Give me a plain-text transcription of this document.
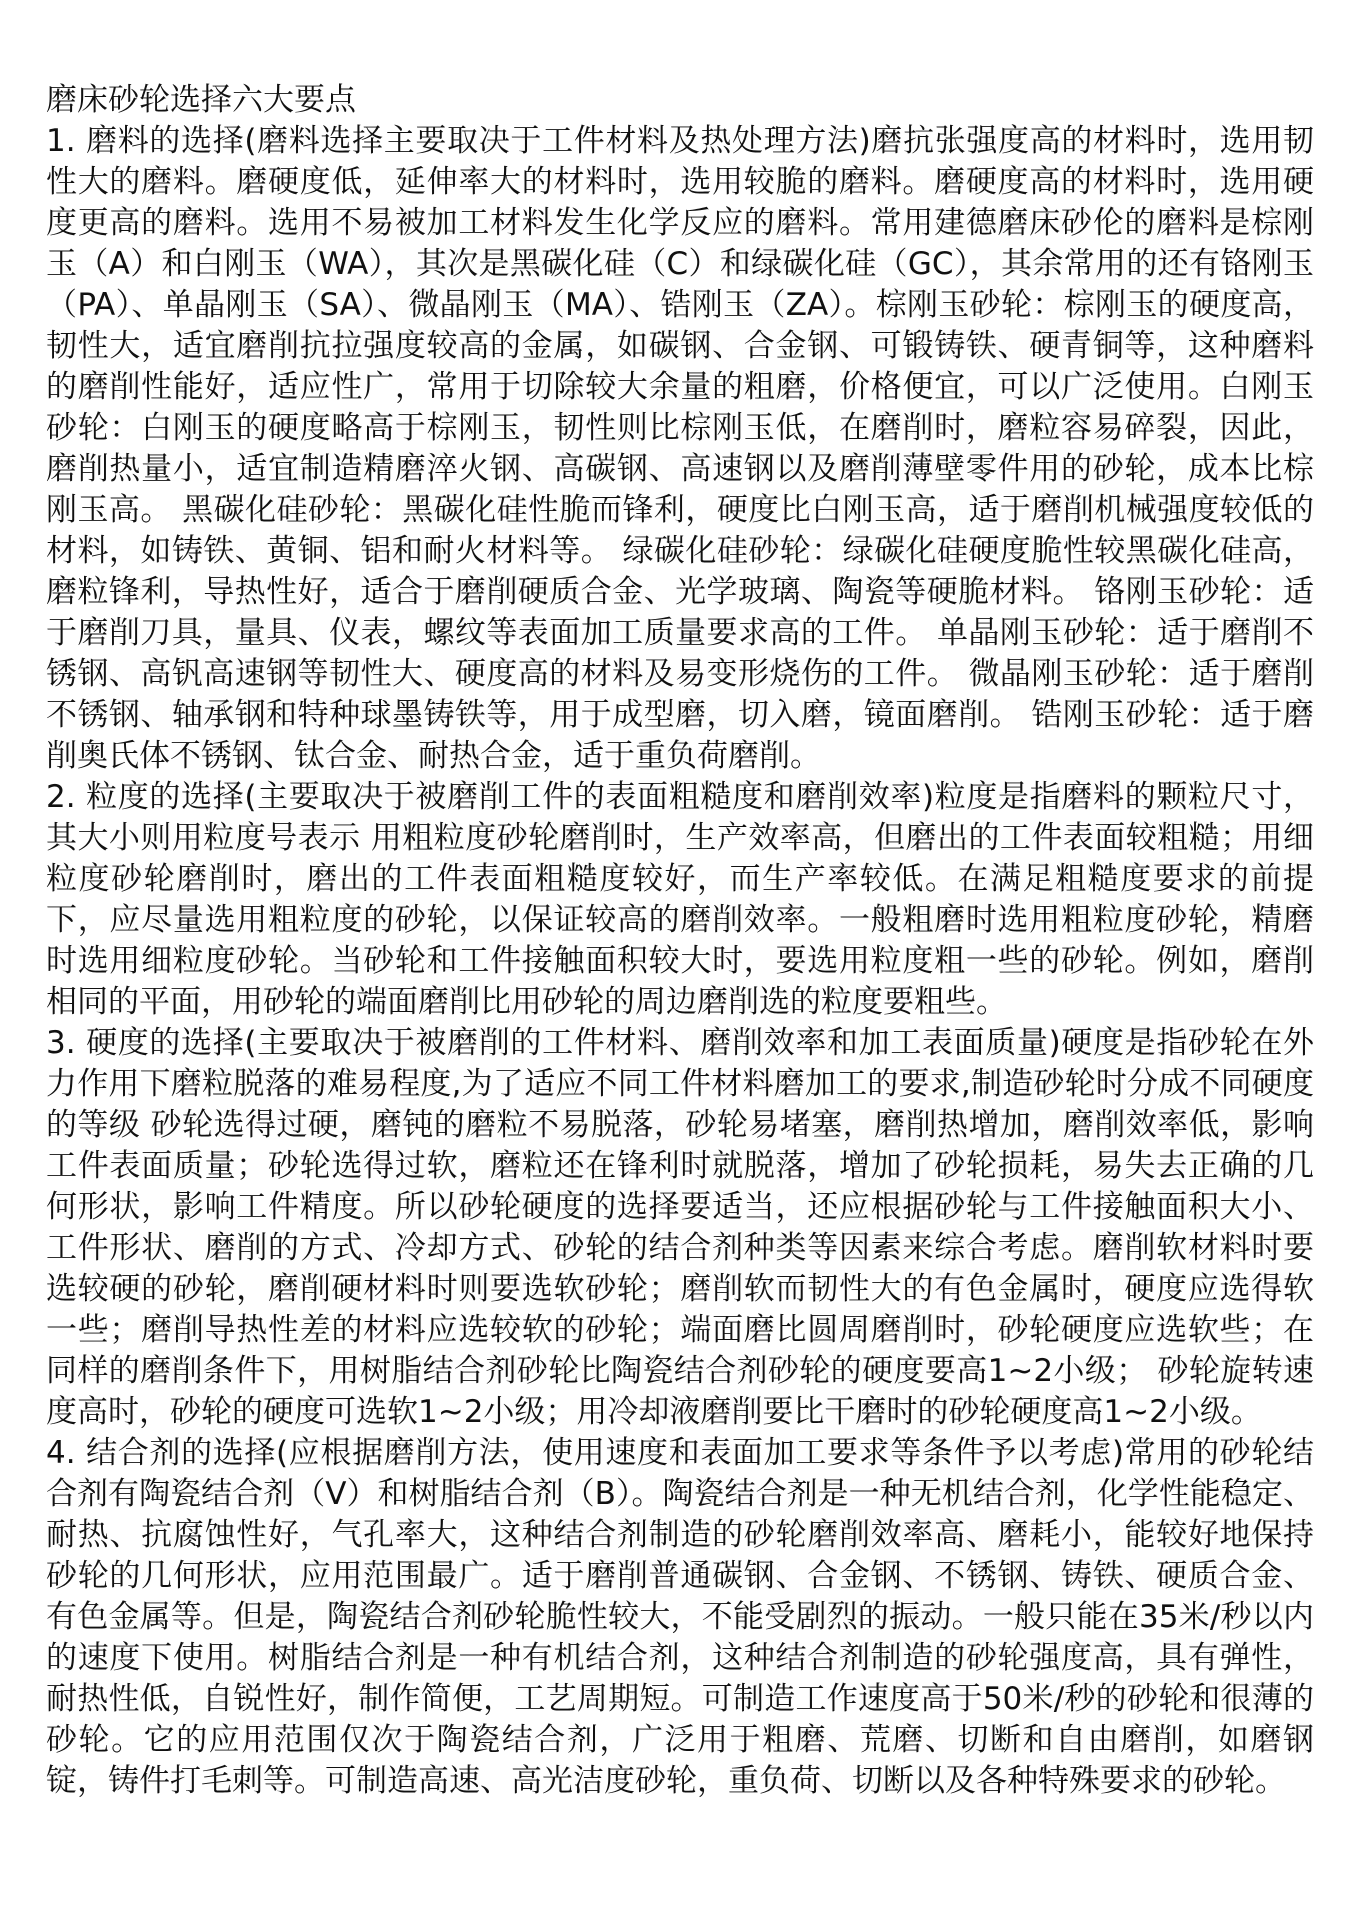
磨床砂轮选择六大要点

1. 磨料的选择(磨料选择主要取决于工件材料及热处理方法)磨抗张强度高的材料时，选用韧性大的磨料。磨硬度低，延伸率大的材料时，选用较脆的磨料。磨硬度高的材料时，选用硬度更高的磨料。选用不易被加工材料发生化学反应的磨料。常用建德磨床砂伦的磨料是棕刚玉（A）和白刚玉（WA），其次是黑碳化硅（C）和绿碳化硅（GC），其余常用的还有铬刚玉（PA）、单晶刚玉（SA）、微晶刚玉（MA）、锆刚玉（ZA）。棕刚玉砂轮：棕刚玉的硬度高，韧性大，适宜磨削抗拉强度较高的金属，如碳钢、合金钢、可锻铸铁、硬青铜等，这种磨料的磨削性能好，适应性广，常用于切除较大余量的粗磨，价格便宜，可以广泛使用。白刚玉砂轮：白刚玉的硬度略高于棕刚玉，韧性则比棕刚玉低，在磨削时，磨粒容易碎裂，因此，磨削热量小，适宜制造精磨淬火钢、高碳钢、高速钢以及磨削薄壁零件用的砂轮，成本比棕刚玉高。 黑碳化硅砂轮：黑碳化硅性脆而锋利，硬度比白刚玉高，适于磨削机械强度较低的材料，如铸铁、黄铜、铝和耐火材料等。 绿碳化硅砂轮：绿碳化硅硬度脆性较黑碳化硅高，磨粒锋利，导热性好，适合于磨削硬质合金、光学玻璃、陶瓷等硬脆材料。 铬刚玉砂轮：适于磨削刀具，量具、仪表，螺纹等表面加工质量要求高的工件。 单晶刚玉砂轮：适于磨削不锈钢、高钒高速钢等韧性大、硬度高的材料及易变形烧伤的工件。 微晶刚玉砂轮：适于磨削不锈钢、轴承钢和特种球墨铸铁等，用于成型磨，切入磨，镜面磨削。 锆刚玉砂轮：适于磨削奥氏体不锈钢、钛合金、耐热合金，适于重负荷磨削。

2. 粒度的选择(主要取决于被磨削工件的表面粗糙度和磨削效率)粒度是指磨料的颗粒尺寸，其大小则用粒度号表示 用粗粒度砂轮磨削时，生产效率高，但磨出的工件表面较粗糙；用细粒度砂轮磨削时，磨出的工件表面粗糙度较好，而生产率较低。在满足粗糙度要求的前提下，应尽量选用粗粒度的砂轮，以保证较高的磨削效率。一般粗磨时选用粗粒度砂轮，精磨时选用细粒度砂轮。当砂轮和工件接触面积较大时，要选用粒度粗一些的砂轮。例如，磨削相同的平面，用砂轮的端面磨削比用砂轮的周边磨削选的粒度要粗些。

3. 硬度的选择(主要取决于被磨削的工件材料、磨削效率和加工表面质量)硬度是指砂轮在外力作用下磨粒脱落的难易程度,为了适应不同工件材料磨加工的要求,制造砂轮时分成不同硬度的等级 砂轮选得过硬，磨钝的磨粒不易脱落，砂轮易堵塞，磨削热增加，磨削效率低，影响工件表面质量；砂轮选得过软，磨粒还在锋利时就脱落，增加了砂轮损耗，易失去正确的几何形状，影响工件精度。所以砂轮硬度的选择要适当，还应根据砂轮与工件接触面积大小、工件形状、磨削的方式、冷却方式、砂轮的结合剂种类等因素来综合考虑。磨削软材料时要选较硬的砂轮，磨削硬材料时则要选软砂轮；磨削软而韧性大的有色金属时，硬度应选得软一些；磨削导热性差的材料应选较软的砂轮；端面磨比圆周磨削时，砂轮硬度应选软些；在同样的磨削条件下，用树脂结合剂砂轮比陶瓷结合剂砂轮的硬度要高1~2小级； 砂轮旋转速度高时，砂轮的硬度可选软1~2小级；用冷却液磨削要比干磨时的砂轮硬度高1~2小级。

4. 结合剂的选择(应根据磨削方法，使用速度和表面加工要求等条件予以考虑)常用的砂轮结合剂有陶瓷结合剂（V）和树脂结合剂（B）。陶瓷结合剂是一种无机结合剂，化学性能稳定、耐热、抗腐蚀性好，气孔率大，这种结合剂制造的砂轮磨削效率高、磨耗小，能较好地保持砂轮的几何形状，应用范围最广。适于磨削普通碳钢、合金钢、不锈钢、铸铁、硬质合金、有色金属等。但是，陶瓷结合剂砂轮脆性较大，不能受剧烈的振动。一般只能在35米/秒以内的速度下使用。树脂结合剂是一种有机结合剂，这种结合剂制造的砂轮强度高，具有弹性，耐热性低，自锐性好，制作简便，工艺周期短。可制造工作速度高于50米/秒的砂轮和很薄的砂轮。它的应用范围仅次于陶瓷结合剂，广泛用于粗磨、荒磨、切断和自由磨削，如磨钢锭，铸件打毛刺等。可制造高速、高光洁度砂轮，重负荷、切断以及各种特殊要求的砂轮。
